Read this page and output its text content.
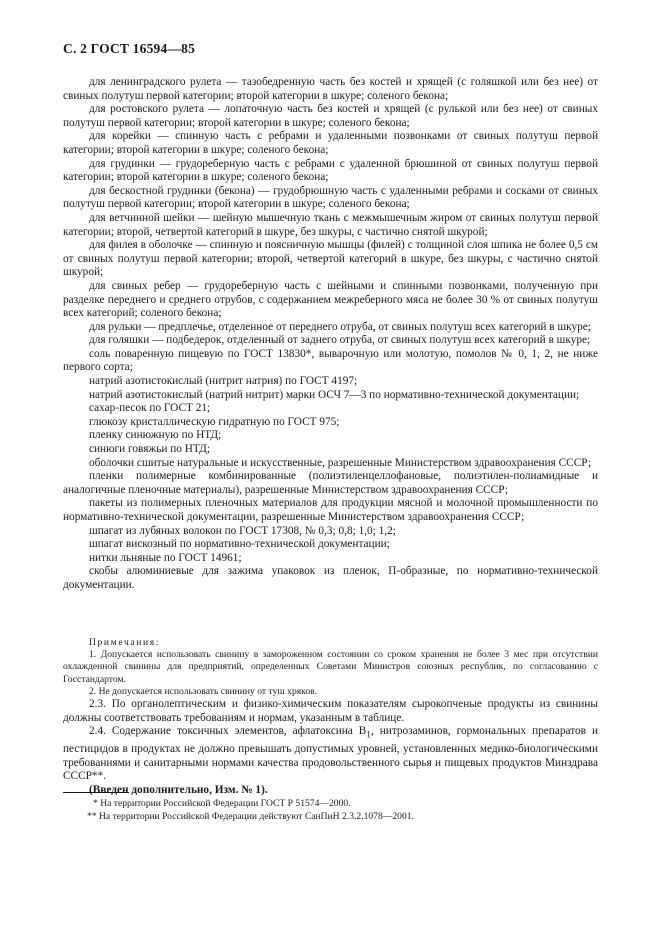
С. 2 ГОСТ 16594—85

для ленинградского рулета — тазобедренную часть без костей и хрящей (с голяшкой или без нее) от свиных полутуш первой категории; второй категории в шкуре; соленого бекона;

для ростовского рулета — лопаточную часть без костей и хрящей (с рулькой или без нее) от свиных полутуш первой категории; второй категории в шкуре; соленого бекона;

для корейки — спинную часть с ребрами и удаленными позвонками от свиных полутуш первой категории; второй категории в шкуре; соленого бекона;

для грудинки — грудореберную часть с ребрами с удаленной брюшиной от свиных полутуш первой категории; второй категории в шкуре; соленого бекона;

для бескостной грудинки (бекона) — грудобрюшную часть с удаленными ребрами и сосками от свиных полутуш первой категории; второй категории в шкуре; соленого бекона;

для ветчинной шейки — шейную мышечную ткань с межмышечным жиром от свиных полутуш первой категории; второй, четвертой категорий в шкуре, без шкуры, с частично снятой шкурой;

для филея в оболочке — спинную и поясничную мышцы (филей) с толщиной слоя шпика не более 0,5 см от свиных полутуш первой категории; второй, четвертой категорий в шкуре, без шкуры, с частично снятой шкурой;

для свиных ребер — грудореберную часть с шейными и спинными позвонками, полученную при разделке переднего и среднего отрубов, с содержанием межреберного мяса не более 30 % от свиных полутуш всех категорий; соленого бекона;

для рульки — предплечье, отделенное от переднего отруба, от свиных полутуш всех категорий в шкуре;

для голяшки — подбедерок, отделенный от заднего отруба, от свиных полутуш всех категорий в шкуре;

соль поваренную пищевую по ГОСТ 13830*, выварочную или молотую, помолов № 0, 1, 2, не ниже первого сорта;

натрий азотистокислый (нитрит натрия) по ГОСТ 4197;

натрий азотистокислый (натрий нитрит) марки ОСЧ 7—3 по нормативно-технической документации;

сахар-песок по ГОСТ 21;

глюкозу кристаллическую гидратную по ГОСТ 975;

пленку синюжную по НТД;

синюги говяжьи по НТД;

оболочки сшитые натуральные и искусственные, разрешенные Министерством здравоохранения СССР;

пленки полимерные комбинированные (полиэтиленцеллофановые, полиэтилен-полиамидные и аналогичные пленочные материалы), разрешенные Министерством здравоохранения СССР;

пакеты из полимерных пленочных материалов для продукции мясной и молочной промышленности по нормативно-технической документации, разрешенные Министерством здравоохранения СССР;

шпагат из лубяных волокон по ГОСТ 17308, № 0,3; 0,8; 1,0; 1,2;

шпагат вискозный по нормативно-технической документации;

нитки льняные по ГОСТ 14961;

скобы алюминиевые для зажима упаковок из пленок, П-образные, по нормативно-технической документации.

Примечания:

1. Допускается использовать свинину в замороженном состоянии со сроком хранения не более 3 мес при отсутствии охлажденной свинины для предприятий, определенных Советами Министров союзных республик, по согласованию с Госстандартом.

2. Не допускается использовать свинину от туш хряков.

2.3. По органолептическим и физико-химическим показателям сырокопченые продукты из свинины должны соответствовать требованиям и нормам, указанным в таблице.

2.4. Содержание токсичных элементов, афлатоксина $B_1$, нитрозаминов, гормональных препаратов и пестицидов в продуктах не должно превышать допустимых уровней, установленных медико-биологическими требованиями и санитарными нормами качества продовольственного сырья и пищевых продуктов Минздрава СССР**.

(Введен дополнительно, Изм. № 1).

* На территории Российской Федерации ГОСТ Р 51574—2000.

** На территории Российской Федерации действуют СанПиН 2.3.2.1078—2001.
